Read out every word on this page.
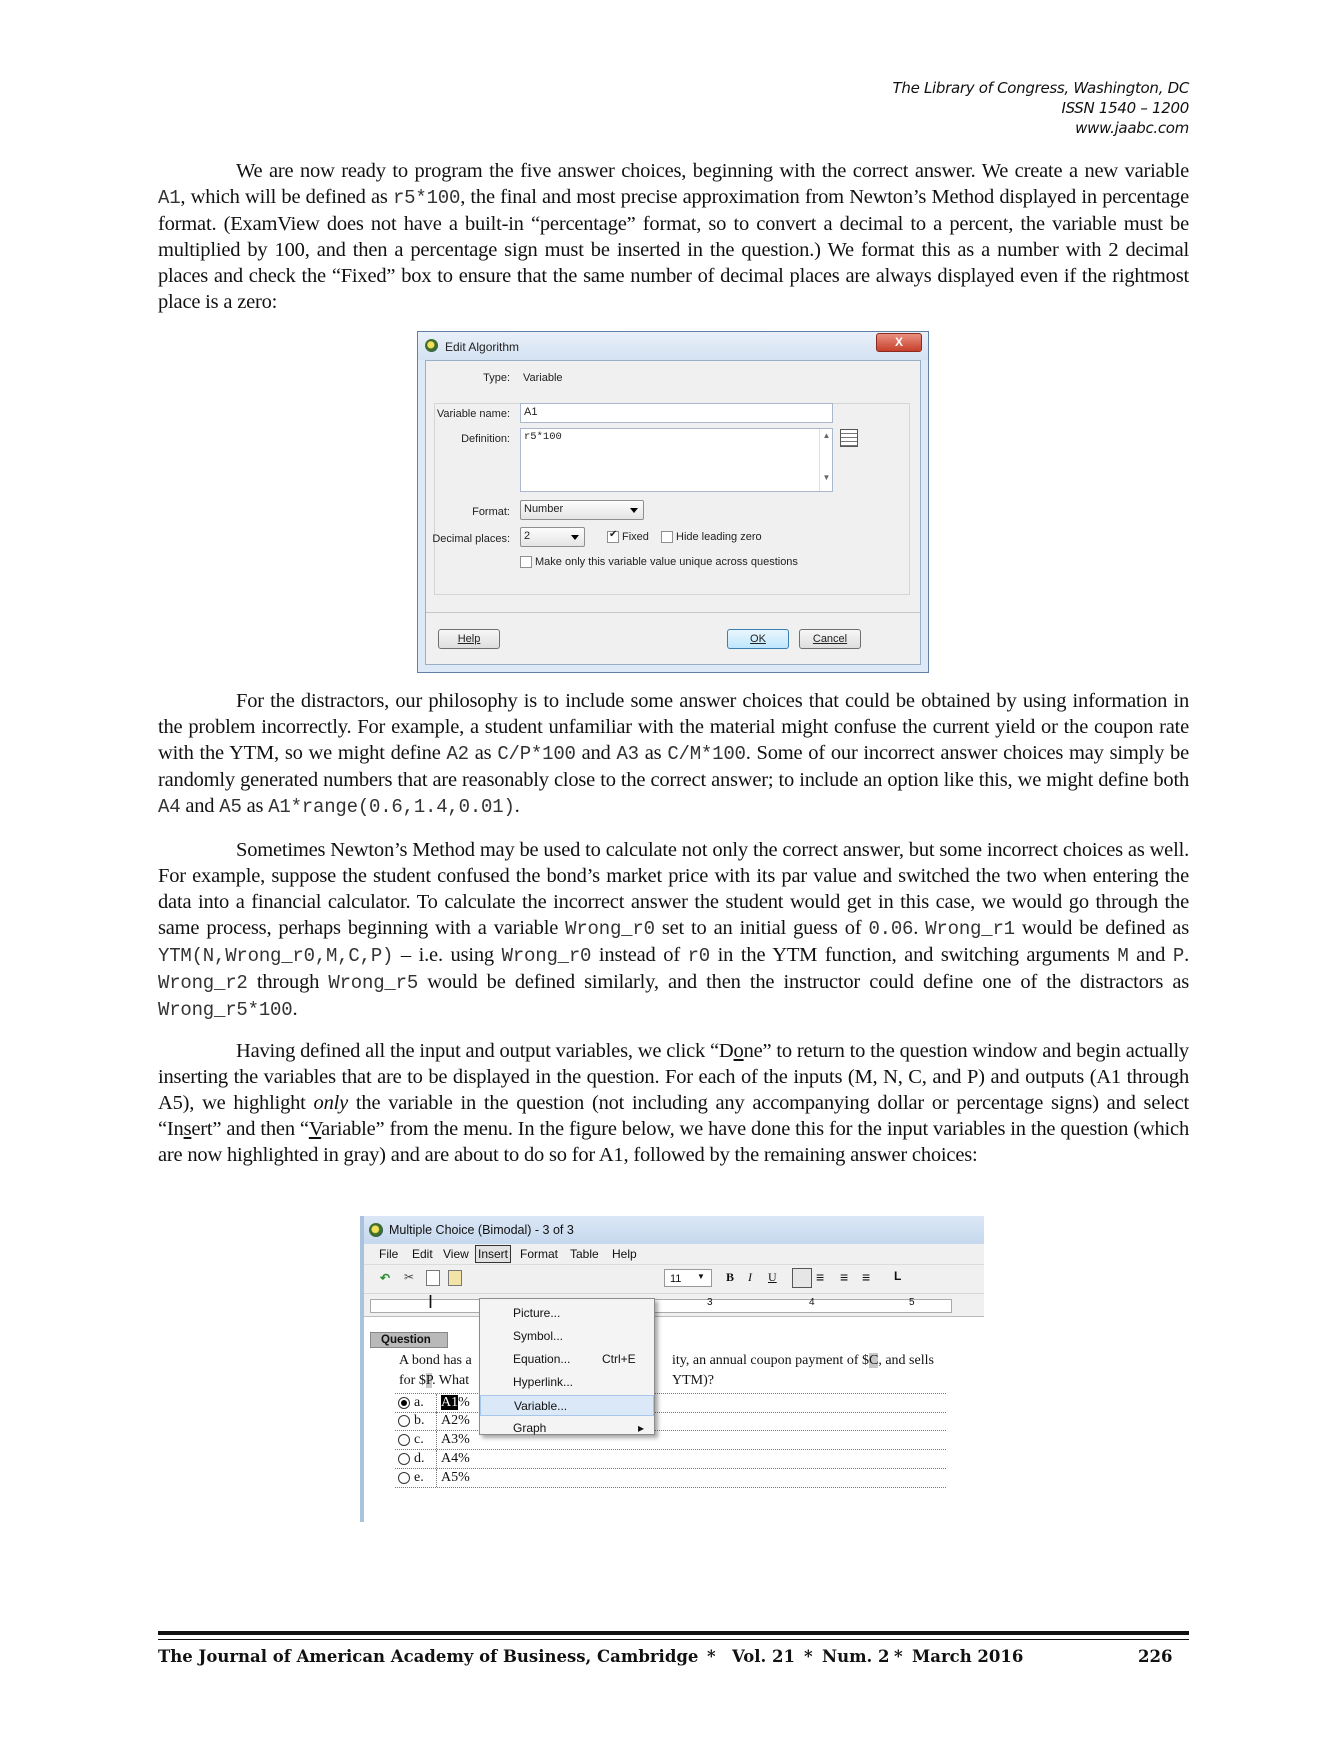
The Library of Congress, Washington, DC
ISSN 1540 – 1200
www.jaabc.com

We are now ready to program the five answer choices, beginning with the correct answer. We create a new variable A1, which will be defined as r5*100, the final and most precise approximation from Newton’s Method displayed in percentage format. (ExamView does not have a built-in “percentage” format, so to convert a decimal to a percent, the variable must be multiplied by 100, and then a percentage sign must be inserted in the question.) We format this as a number with 2 decimal places and check the “Fixed” box to ensure that the same number of decimal places are always displayed even if the rightmost place is a zero:

Edit Algorithm	X
Type: Variable
Variable name:	A1
Definition:	r5*100	▲

▼
Format:	Number
Decimal places:	2	✔ Fixed Hide leading zero
Make only this variable value unique across questions
Help	OK	Cancel

For the distractors, our philosophy is to include some answer choices that could be obtained by using information in the problem incorrectly. For example, a student unfamiliar with the material might confuse the current yield or the coupon rate with the YTM, so we might define A2 as C/P*100 and A3 as C/M*100. Some of our incorrect answer choices may simply be randomly generated numbers that are reasonably close to the correct answer; to include an option like this, we might define both A4 and A5 as A1*range(0.6,1.4,0.01).

Sometimes Newton’s Method may be used to calculate not only the correct answer, but some incorrect choices as well. For example, suppose the student confused the bond’s market price with its par value and switched the two when entering the data into a financial calculator. To calculate the incorrect answer the student would get in this case, we would go through the same process, perhaps beginning with a variable Wrong_r0 set to an initial guess of 0.06. Wrong_r1 would be defined as YTM(N,Wrong_r0,M,C,P) – i.e. using Wrong_r0 instead of r0 in the YTM function, and switching arguments M and P. Wrong_r2 through Wrong_r5 would be defined similarly, and then the instructor could define one of the distractors as Wrong_r5*100.

Having defined all the input and output variables, we click “Done” to return to the question window and begin actually inserting the variables that are to be displayed in the question. For each of the inputs (M, N, C, and P) and outputs (A1 through A5), we highlight only the variable in the question (not including any accompanying dollar or percentage signs) and select “Insert” and then “Variable” from the menu. In the figure below, we have done this for the input variables in the question (which are now highlighted in gray) and are about to do so for A1, followed by the remaining answer choices:

Multiple Choice (Bimodal) - 3 of 3
File Edit View Insert Format Table Help
↶ ✂	11	▼ B I U	≡ ≡ ≡ L
Ι	3	4	5
Question
A bond has a	ity, an annual coupon payment of $C, and sells
for $P. What	YTM)?
a. A1%
b. A2%
c. A3%
d. A4%
e. A5%
Picture...
Symbol...
Equation...	Ctrl+E
Hyperlink...
Variable...
Graph	▸
The Journal of American Academy of Business, Cambridge * Vol. 21 * Num. 2 * March 2016	226
